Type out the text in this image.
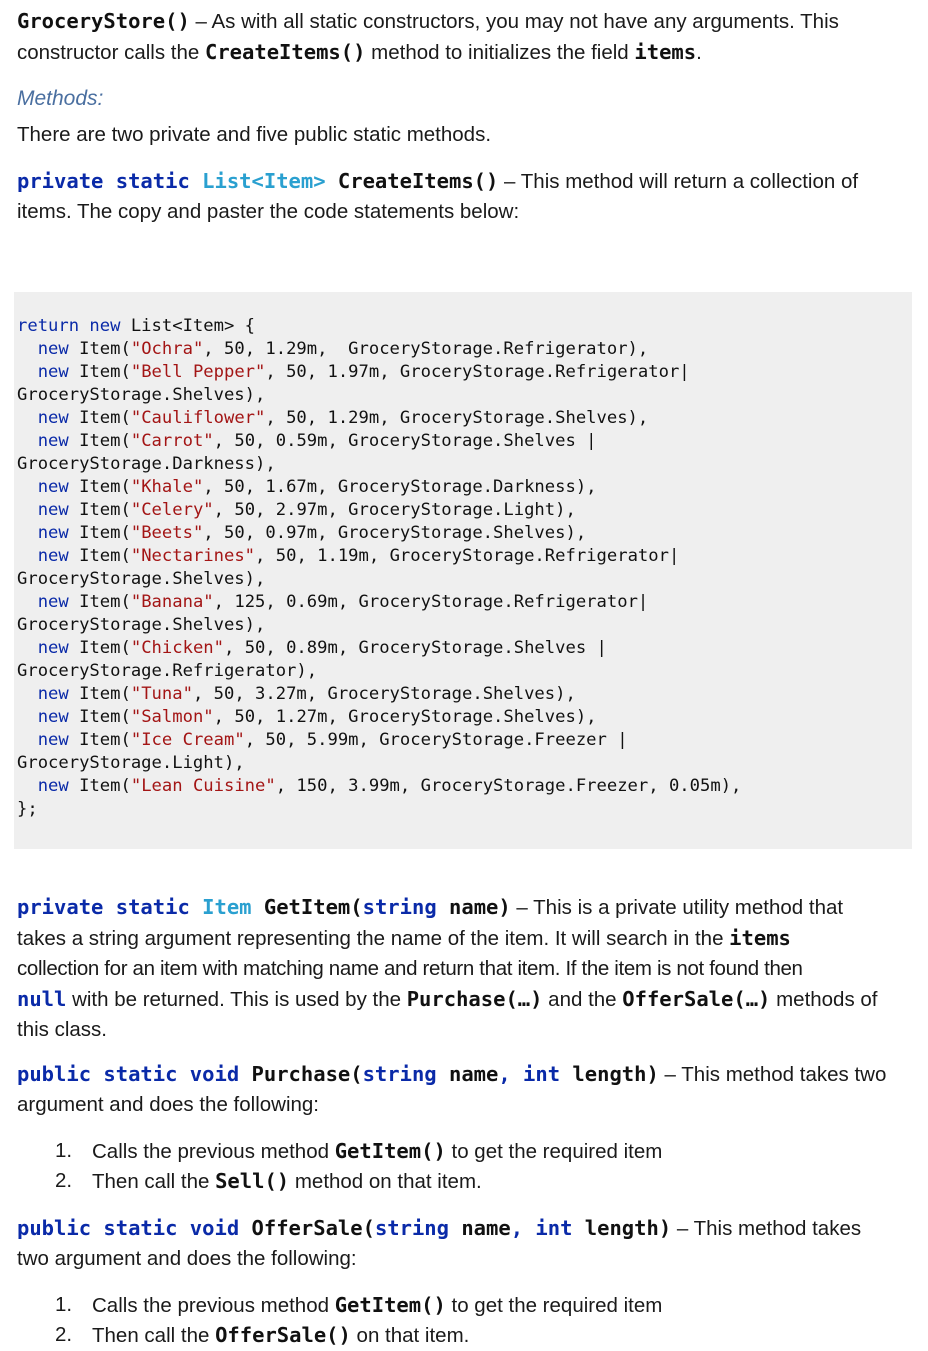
GroceryStore() – As with all static constructors, you may not have any arguments. This constructor calls the CreateItems() method to initializes the field items.
Methods:
There are two private and five public static methods.
private static List<Item> CreateItems() – This method will return a collection of
items. The copy and paster the code statements below:
return new List<Item> {
new Item("Ochra", 50, 1.29m,  GroceryStorage.Refrigerator),
new Item("Bell Pepper", 50, 1.97m, GroceryStorage.Refrigerator|
GroceryStorage.Shelves),
new Item("Cauliflower", 50, 1.29m, GroceryStorage.Shelves),
new Item("Carrot", 50, 0.59m, GroceryStorage.Shelves |
GroceryStorage.Darkness),
new Item("Khale", 50, 1.67m, GroceryStorage.Darkness),
new Item("Celery", 50, 2.97m, GroceryStorage.Light),
new Item("Beets", 50, 0.97m, GroceryStorage.Shelves),
new Item("Nectarines", 50, 1.19m, GroceryStorage.Refrigerator|
GroceryStorage.Shelves),
new Item("Banana", 125, 0.69m, GroceryStorage.Refrigerator|
GroceryStorage.Shelves),
new Item("Chicken", 50, 0.89m, GroceryStorage.Shelves |
GroceryStorage.Refrigerator),
new Item("Tuna", 50, 3.27m, GroceryStorage.Shelves),
new Item("Salmon", 50, 1.27m, GroceryStorage.Shelves),
new Item("Ice Cream", 50, 5.99m, GroceryStorage.Freezer |
GroceryStorage.Light),
new Item("Lean Cuisine", 150, 3.99m, GroceryStorage.Freezer, 0.05m),
};
private static Item GetItem(string name) – This is a private utility method that
takes a string argument representing the name of the item. It will search in the items
collection for an item with matching name and return that item. If the item is not found then
null with be returned. This is used by the Purchase(…) and the OfferSale(…) methods of
this class.
public static void Purchase(string name, int length) – This method takes two
argument and does the following:
1. Calls the previous method GetItem() to get the required item
2. Then call the Sell() method on that item.
public static void OfferSale(string name, int length) – This method takes
two argument and does the following:
1. Calls the previous method GetItem() to get the required item
2. Then call the OfferSale() on that item.
